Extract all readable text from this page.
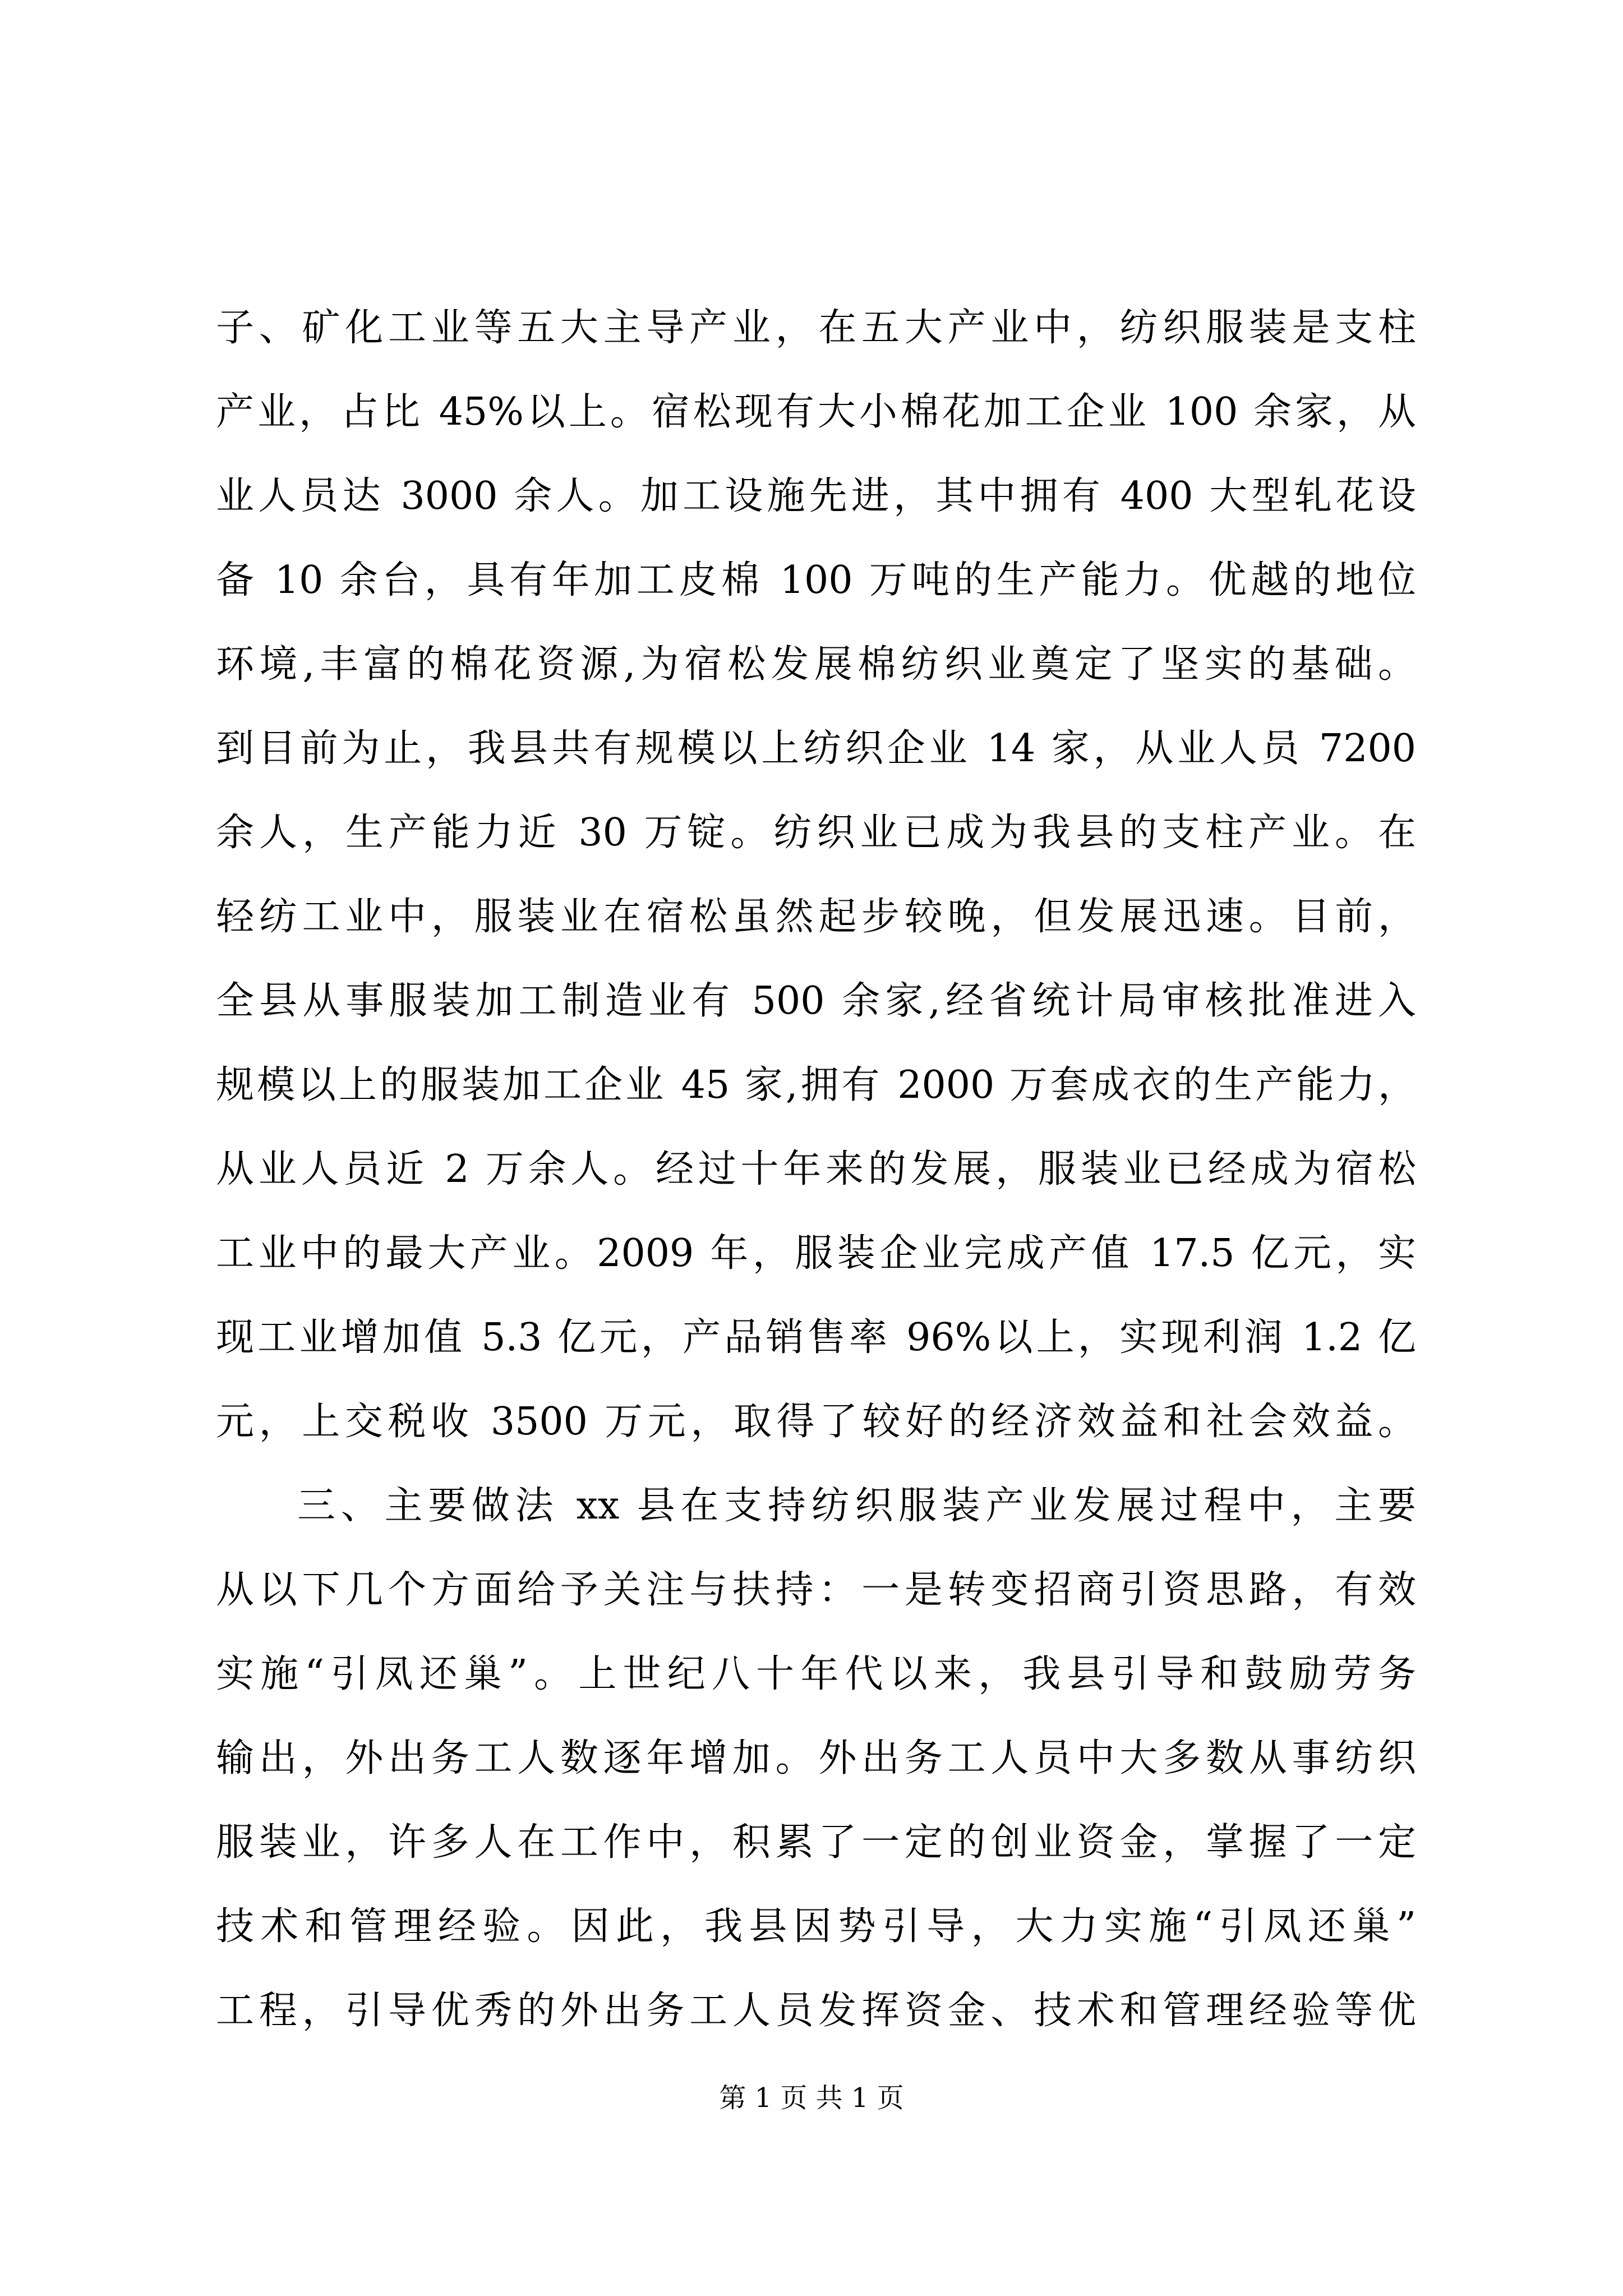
子、矿化工业等五大主导产业，在五大产业中，纺织服装是支柱
产业，占比 45%以上。宿松现有大小棉花加工企业 100 余家，从
业人员达 3000 余人。加工设施先进，其中拥有 400 大型轧花设
备 10 余台，具有年加工皮棉 100 万吨的生产能力。优越的地位
环境,丰富的棉花资源,为宿松发展棉纺织业奠定了坚实的基础。
到目前为止，我县共有规模以上纺织企业 14 家，从业人员 7200
余人，生产能力近 30 万锭。纺织业已成为我县的支柱产业。在
轻纺工业中，服装业在宿松虽然起步较晚，但发展迅速。目前，
全县从事服装加工制造业有 500 余家,经省统计局审核批准进入
规模以上的服装加工企业 45 家,拥有 2000 万套成衣的生产能力，
从业人员近 2 万余人。经过十年来的发展，服装业已经成为宿松
工业中的最大产业。2009 年，服装企业完成产值 17.5 亿元，实
现工业增加值 5.3 亿元，产品销售率 96%以上，实现利润 1.2 亿
元，上交税收 3500 万元，取得了较好的经济效益和社会效益。
三、主要做法 xx 县在支持纺织服装产业发展过程中，主要
从以下几个方面给予关注与扶持：一是转变招商引资思路，有效
实施“引凤还巢”。上世纪八十年代以来，我县引导和鼓励劳务
输出，外出务工人数逐年增加。外出务工人员中大多数从事纺织
服装业，许多人在工作中，积累了一定的创业资金，掌握了一定
技术和管理经验。因此，我县因势引导，大力实施“引凤还巢”
工程，引导优秀的外出务工人员发挥资金、技术和管理经验等优
第 1 页 共 1 页
